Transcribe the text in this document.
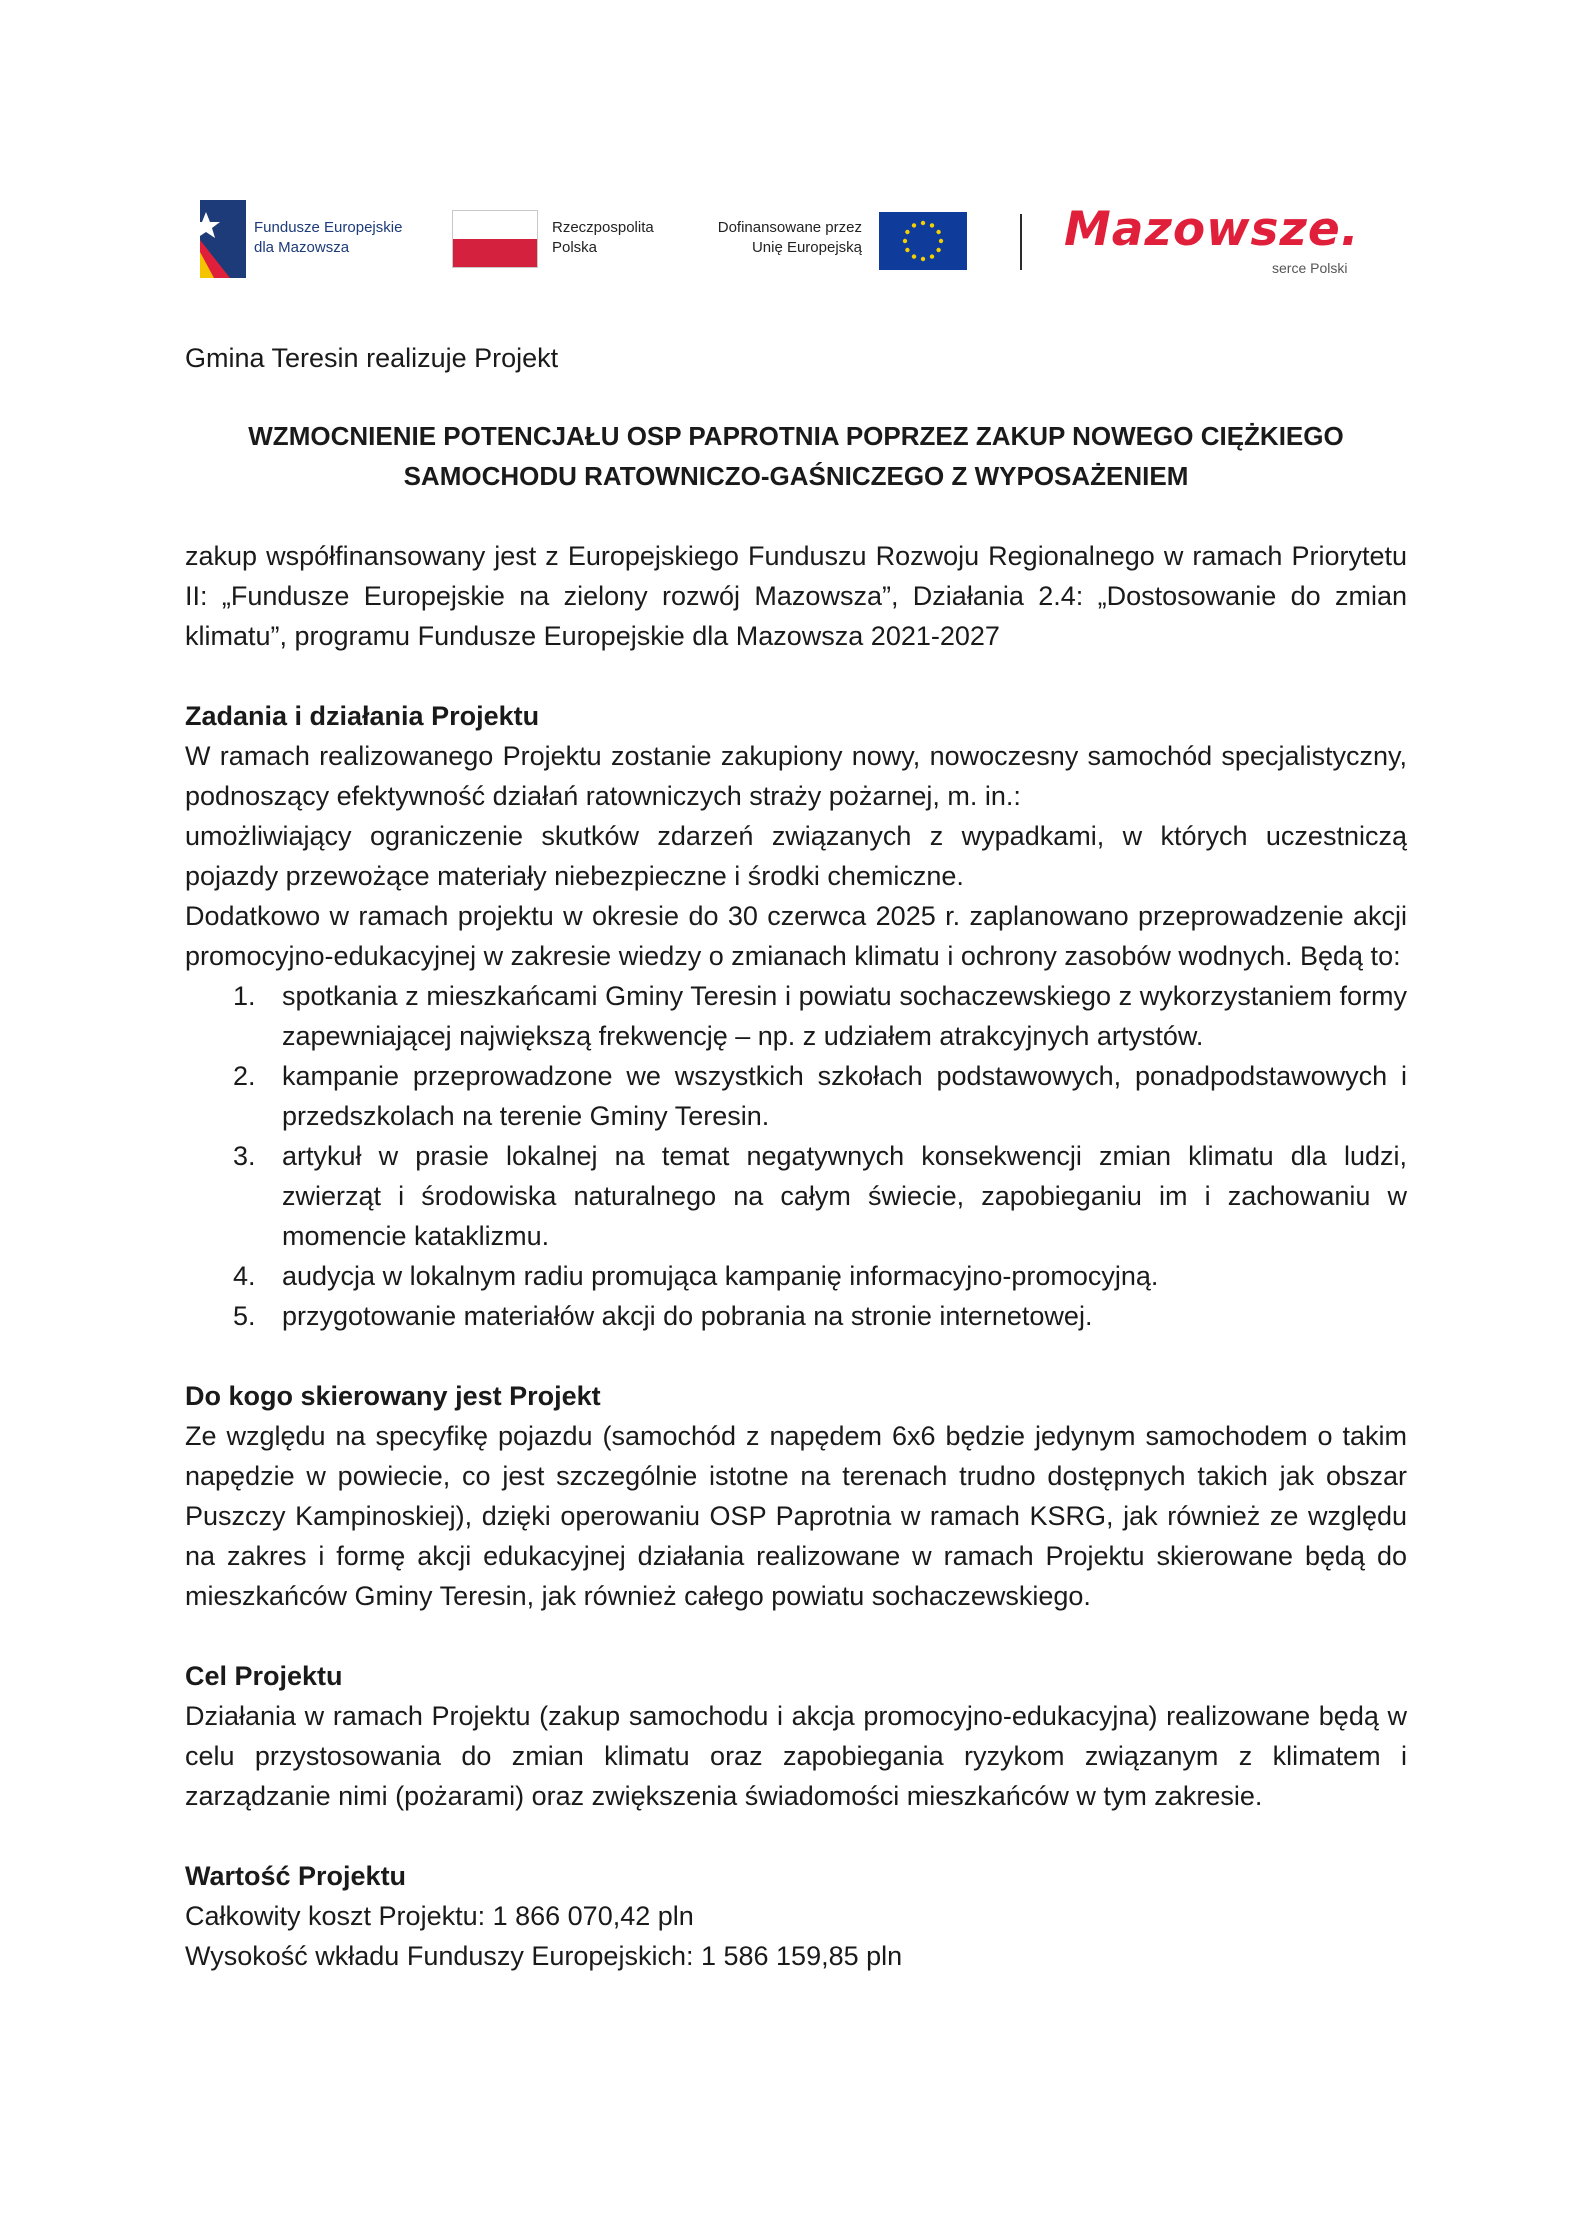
Fundusze Europejskie
dla Mazowsza
Rzeczpospolita
Polska
Dofinansowane przez
Unię Europejską	Mazowsze.
serce Polski
Gmina Teresin realizuje Projekt
WZMOCNIENIE POTENCJAŁU OSP PAPROTNIA POPRZEZ ZAKUP NOWEGO CIĘŻKIEGO
SAMOCHODU RATOWNICZO-GAŚNICZEGO Z WYPOSAŻENIEM

zakup współfinansowany jest z Europejskiego Funduszu Rozwoju Regionalnego w ramach Priorytetu II: „Fundusze Europejskie na zielony rozwój Mazowsza”, Działania 2.4: „Dostosowanie do zmian klimatu”, programu Fundusze Europejskie dla Mazowsza 2021-2027

Zadania i działania Projektu

W ramach realizowanego Projektu zostanie zakupiony nowy, nowoczesny samochód specjalistyczny, podnoszący efektywność działań ratowniczych straży pożarnej, m. in.:

umożliwiający ograniczenie skutków zdarzeń związanych z wypadkami, w których uczestniczą pojazdy przewożące materiały niebezpieczne i środki chemiczne.

Dodatkowo w ramach projektu w okresie do 30 czerwca 2025 r. zaplanowano przeprowadzenie akcji promocyjno-edukacyjnej w zakresie wiedzy o zmianach klimatu i ochrony zasobów wodnych. Będą to:

1. spotkania z mieszkańcami Gminy Teresin i powiatu sochaczewskiego z wykorzystaniem formy zapewniającej największą frekwencję – np. z udziałem atrakcyjnych artystów.
2. kampanie przeprowadzone we wszystkich szkołach podstawowych, ponadpodstawowych i przedszkolach na terenie Gminy Teresin.
3. artykuł w prasie lokalnej na temat negatywnych konsekwencji zmian klimatu dla ludzi, zwierząt i środowiska naturalnego na całym świecie, zapobieganiu im i zachowaniu w momencie kataklizmu.
4. audycja w lokalnym radiu promująca kampanię informacyjno-promocyjną.
5. przygotowanie materiałów akcji do pobrania na stronie internetowej.
Do kogo skierowany jest Projekt

Ze względu na specyfikę pojazdu (samochód z napędem 6x6 będzie jedynym samochodem o takim napędzie w powiecie, co jest szczególnie istotne na terenach trudno dostępnych takich jak obszar Puszczy Kampinoskiej), dzięki operowaniu OSP Paprotnia w ramach KSRG, jak również ze względu na zakres i formę akcji edukacyjnej działania realizowane w ramach Projektu skierowane będą do mieszkańców Gminy Teresin, jak również całego powiatu sochaczewskiego.

Cel Projektu

Działania w ramach Projektu (zakup samochodu i akcja promocyjno-edukacyjna) realizowane będą w celu przystosowania do zmian klimatu oraz zapobiegania ryzykom związanym z klimatem i zarządzanie nimi (pożarami) oraz zwiększenia świadomości mieszkańców w tym zakresie.

Wartość Projektu
Całkowity koszt Projektu: 1 866 070,42 pln
Wysokość wkładu Funduszy Europejskich: 1 586 159,85 pln
